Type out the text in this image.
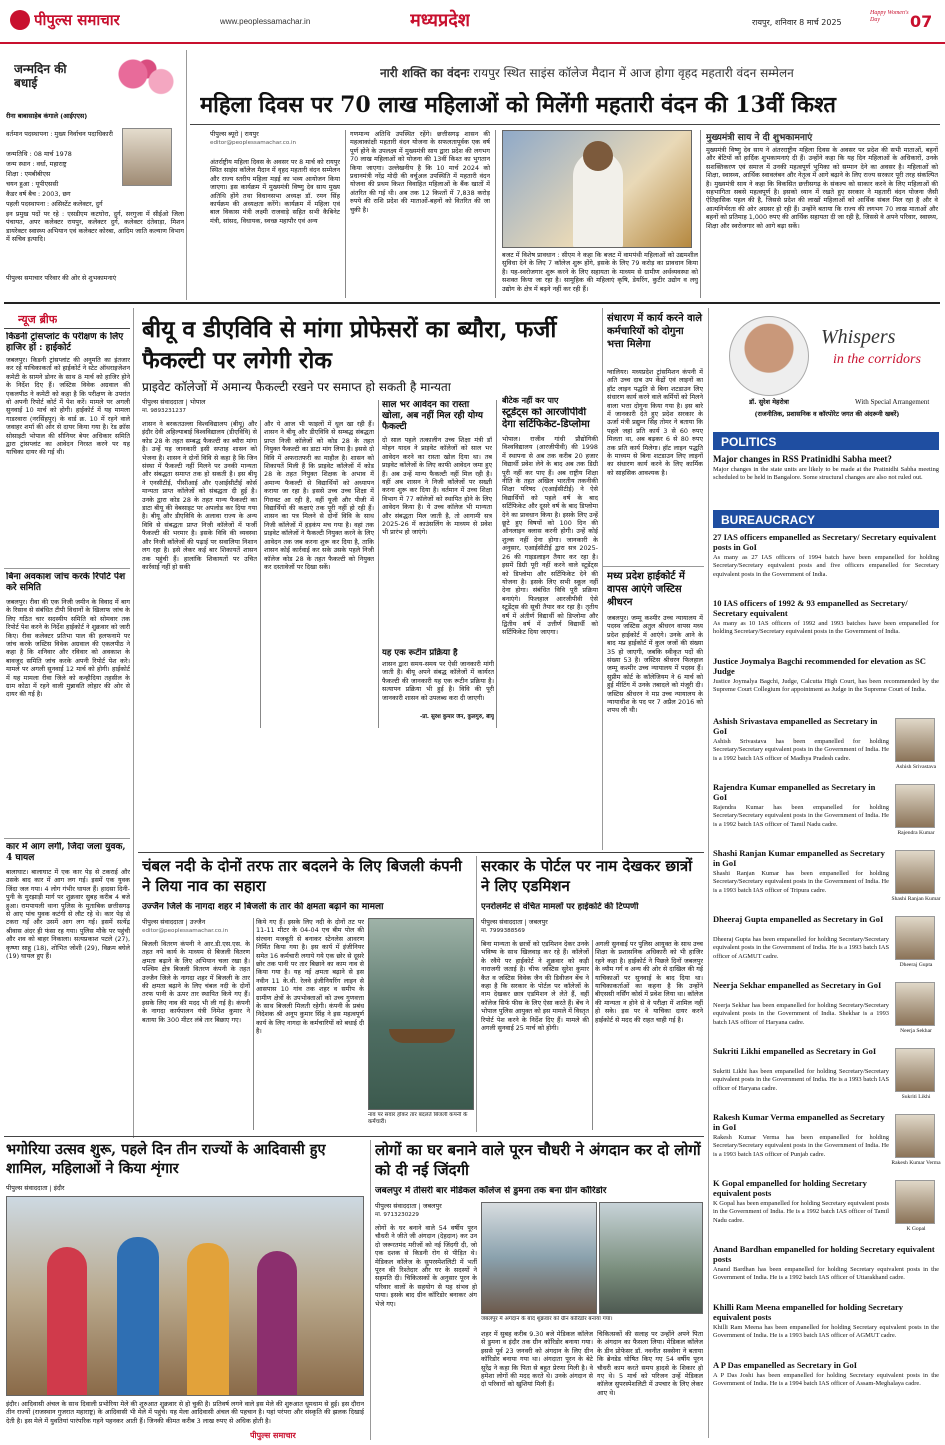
पीपुल्स समाचार	www.peoplessamachar.in	मध्यप्रदेश	रायपुर, शनिवार 8 मार्च 2025
Happy Women's Day	07
जन्मदिन की बधाई
रीना बाबासाहेब कंगाले (आईएएस)
वर्तमान पदस्थापना : मुख्य निर्वाचन पदाधिकारी
जन्मतिथि : 08 मार्च 1978
जन्म स्थान : वर्धा, महाराष्ट्र
शिक्षा : एमबीबीएस
चयन हुआ : यूपीएससी
कैडर वर्ष बैच : 2003, छग
पहली पदस्थापना : असिस्टेंट कलेक्टर, दुर्ग
इन प्रमुख पदों पर रहे : एसडीएम कटघोरा, दुर्ग, सरगुजा में सीईओ जिला पंचायत, अपर कलेक्टर रायपुर, कलेक्टर दुर्ग, कलेक्टर दंतेवाड़ा, मिशन डायरेक्टर स्वास्थ्य अभियान एवं कलेक्टर कोरबा, आदिम जाति कल्याण विभाग में सचिव इत्यादि।
पीपुल्स समाचार परिवार की ओर से शुभकामनाएं
नारी शक्ति का वंदनः रायपुर स्थित साइंस कॉलेज मैदान में आज होगा वृहद महतारी वंदन सम्मेलन
महिला दिवस पर 70 लाख महिलाओं को मिलेंगी महतारी वंदन की 13वीं किश्त
पीपुल्स ब्यूरो | रायपुर
editor@peoplessamachar.co.in
अंतर्राष्ट्रीय महिला दिवस के अवसर पर 8 मार्च को रायपुर स्थित साइंस कॉलेज मैदान में वृहद महतारी वंदन सम्मेलन और राज्य स्तरीय महिला मड़ई का भव्य आयोजन किया जाएगा। इस कार्यक्रम में मुख्यमंत्री विष्णु देव साय मुख्य अतिथि होंगे तथा विधानसभा अध्यक्ष डॉ. रमन सिंह कार्यक्रम की अध्यक्षता करेंगे। कार्यक्रम में महिला एवं बाल विकास मंत्री लक्ष्मी राजवाड़े सहित सभी कैबिनेट मंत्री, सांसद, विधायक, स्वच्छ महापौर एवं अन्य
गणमान्य अतिथि उपस्थित रहेंगे। छत्तीसगढ़ शासन की महत्वाकांक्षी महतारी वंदन योजना के सफलतापूर्वक एक वर्ष पूर्ण होने के उपलक्ष्य में मुख्यमंत्री साय द्वारा प्रदेश की लगभग 70 लाख महिलाओं को योजना की 13वीं किश्त का भुगतान किया जाएगा। उल्लेखनीय है कि 10 मार्च 2024 को प्रधानमंत्री नरेंद्र मोदी की वर्चुअल उपस्थिति में महतारी वंदन योजना की प्रथम किश्त विवाहित महिलाओं के बैंक खातों में अंतरित की गई थी। अब तक 12 किश्तों में 7,838 करोड़ रुपये की राशि प्रदेश की माताओं-बहनों को वितरित की जा चुकी है।
बजट में विशेष प्रावधान : सीएम ने कहा कि बजट में वामपंथी महिलाओं को उद्यमशील सुविधा देने के लिए 7 कॉलेज शुरू होंगे, इसके के लिए 79 करोड़ का प्रावधान किया है। यह-स्वरोजगार शुरू करने के लिए सहायता के माध्यम से ग्रामीण अर्थव्यवस्था को सशक्त किया जा रहा है। सामूहिक की महिलाएं कृषि, डेयरिंग, कुटीर उद्योग व लघु उद्योग के क्षेत्र में बढ़ने नहीं कर रही हैं।
मुख्यमंत्री साय ने दी शुभकामनाएं
मुख्यमंत्री विष्णु देव साय ने अंतरराष्ट्रीय महिला दिवस के अवसर पर प्रदेश की सभी माताओं, बहनों और बेटियों को हार्दिक शुभकामनाएं दी हैं। उन्होंने कहा कि यह दिन महिलाओं के अधिकारों, उनके सशक्तिकरण एवं समाज में उनकी महत्वपूर्ण भूमिका को सम्मान देने का अवसर है। महिलाओं को शिक्षा, स्वास्थ्य, आर्थिक स्वावलंबन और नेतृत्व में आगे बढ़ाने के लिए राज्य सरकार पूरी तरह संकल्पित है। मुख्यमंत्री साय ने कहा कि विकसित छत्तीसगढ़ के संकल्प को साकार करने के लिए महिलाओं की सहभागिता सबसे महत्वपूर्ण है। इसको ध्यान में रखते हुए सरकार ने महतारी वंदन योजना जैसी ऐतिहासिक पहल की है, जिससे प्रदेश की लाखों महिलाओं को आर्थिक संबल मिल रहा है और वे आत्मनिर्भरता की ओर अग्रसर हो रही हैं। उन्होंने बताया कि राज्य की लगभग 70 लाख माताओं और बहनों को प्रतिमाह 1,000 रुपए की आर्थिक सहायता दी जा रही है, जिससे वे अपने परिवार, स्वास्थ्य, शिक्षा और स्वरोजगार को आगे बढ़ा सकें।
न्यूज ब्रीफ
किडनी ट्रांसप्लांट के परीक्षण के लिए हाजिर हों : हाईकोर्ट
जबलपुर। किडनी ट्रांसप्लांट की अनुमति का इंतजार कर रहे याचिकाकर्ता को हाईकोर्ट ने स्टेट ऑथराइजेशन कमेटी के सामने डोनर के साथ 8 मार्च को हाजिर होने के निर्देश दिए हैं। जस्टिस विवेक अग्रवाल की एकलपीठ ने कमेटी को कहा है कि परीक्षण के उपरांत वो अपनी रिपोर्ट कोर्ट में पेश करें। मामले पर अगली सुनवाई 10 मार्च को होगी। हाईकोर्ट में यह मामला गाडरवारा (नरसिंहपुर) के वार्ड क्र. 10 में रहने वाले जवाहर शर्मा की ओर से दायर किया गया है। रेड क्रॉस सोसाइटी भोपाल की सीनियर बेयर अधिकार समिति द्वारा ट्रांसप्लांट का आवेदन निरस्त करने पर यह याचिका दायर की गई थी।
बिना अवकाश जांच करके रिपोर्ट पेश करे समिति
जबलपुर। रीवा की एक निजी जमीन के विवाद में बाग के रिसाव से संबंधित टीपी विधानों के खिलाफ जांच के लिए गठित चार सदस्यीय समिति को सोमवार तक रिपोर्ट पेश करने के निर्देश हाईकोर्ट ने शुक्रवार को जारी किए। रीवा कलेक्टर प्रतिभा पाल की हलफनामे पर जांच करके जस्टिस विवेक अग्रवाल की एकलपीठ ने कहा है कि शनिवार और रविवार को अवकाश के बावजूद समिति जांच करके अपनी रिपोर्ट पेश करे। मामले पर अगली सुनवाई 12 मार्च को होगी। हाईकोर्ट में यह मामला रीवा जिले को कन्हौदिया तहसील के ग्राम कोठा में रहने वाली मुन्नावति लोहार की ओर से दायर की गई है।
कार में आग लगी, जिंदा जला युवक, 4 घायल
बालाघाट। बालाघाट में एक कार पेड़ से टकराई और उसके बाद कार में आग लग गई। इसमें एक युवक जिंदा जल गया। 4 लोग गंभीर घायल हैं। हादसा दिनी-पुनी के मुरझाड़ी मार्ग पर शुक्रवार सुबह करीब 4 बजे हुआ। रामपायली थाना पुलिस के मुताबिक छत्तीसगढ़ से आए पांच युवक कटंगी से लौट रहे थे। कार पेड़ से टकरा गई और उसमें आग लग गई। इसमें सत्येंद्र श्रीवास अंदर ही फंसा रह गया। पुलिस मौके पर पहुंची और शव को बाहर निकाला। सत्यप्रकाश पटले (27), कृष्णा साहू (18), शोभित जोशी (29), विक्रम बघेले (19) घायल हुए हैं।
बीयू व डीएविवि से मांगा प्रोफेसरों का ब्यौरा, फर्जी फैकल्टी पर लगेगी रोक
प्राइवेट कॉलेजों में अमान्य फैकल्टी रखने पर समाप्त हो सकती है मान्यता
पीपुल्स संवाददाता | भोपाल
मो. 9893231237
शासन ने बरकतउल्ला विश्वविद्यालय (बीयू) और इंदौर देवी अहिल्याबाई विश्वविद्यालय (डीएविवि) से कोड 28 के तहत सम्बद्ध फैकल्टी का ब्यौरा मांगा है। उन्हें यह जानकारी इसी सप्ताह शासन को भेजना है। शासन ने दोनों विवि से कहा है कि जिन संस्था में फैकल्टी नहीं मिलने पर उनकी मान्यता और संबद्धता समाप्त तक हो सकती है। इस बीयू ने एनसीटीई, पीसीआई और एआईसीटीई कोर्स मान्यता प्राप्त कॉलेजों को संबद्धता दी हुई है। उनके द्वारा कोड 28 के तहत मान्य फैकल्टी का डाटा बीयू की वेबसाइट पर अपलोड कर दिया गया है। बीयू और डीएविवि के अलावा राज्य के अन्य विवि से संबद्धता प्राप्त निजी कॉलेजों में फर्जी फैकल्टी की भरमार है। इसके विवि की व्यवस्था और निजी कॉलेजों की पढ़ाई पर सवालिया निशान लग रहा है। इसे लेकर कई बार शिकायतें शासन तक पहुंची हैं। हालांकि शिकायतों पर उचित कार्रवाई नहीं हो सकी
और ये आज भी फाइलों में धूल खा रही हैं। शासन ने बीयू और डीएविवि से सम्बद्ध संबद्धता प्राप्त निजी कॉलेजों को कोड 28 के तहत नियुक्त फैकल्टी का डाटा मांग लिया है। इससे दो विवि में अफरातफरी का माहौल है। शासन को शिकायतें मिली हैं कि प्राइवेट कॉलेजों में कोड 28 के तहत नियुक्त शिक्षक के अभाव में अमान्य फैकल्टी से विद्यार्थियों को अध्यापन कराया जा रहा है। इससे उच्च उच्च शिक्षा में गिरावट आ रही है, वहीं यूजी और पीजी में विद्यार्थियों की कक्षाएं तक पूरी नहीं हो रही हैं। शासन का पत्र मिलने से दोनों विवि के साथ निजी कॉलेजों में हड़कंप मच गया है। वहां तक प्राइवेट कॉलेजों ने फैकल्टी नियुक्त करने के लिए आवेदन तक जब करना शुरू कर दिया है, ताकि शासन कोई कार्रवाई कर सके उसके पहले निजी कॉलेज कोड 28 के तहत फैकल्टी को नियुक्त कर दस्तावेजों पर दिखा सकें।
साल भर आवेदन का रास्ता खोला, अब नहीं मिल रही योग्य फैकल्टी
दो साल पहले तत्कालीन उच्च शिक्षा मंत्री डॉ मोहन यादव ने प्राइवेट कॉलेजों को साल भर आवेदन करने का रास्ता खोल दिया था। तब प्राइवेट कॉलेजों के लिए काफी आवेदन जमा हुए हैं। अब उन्हें मान्य फैकल्टी नहीं मिल रही है। वहीं अब शासन ने निजी कॉलेजों पर सख्ती करना शुरू कर दिया है। वर्तमान में उच्च शिक्षा विभाग में 77 कॉलेजों को स्थापित होने के लिए आवेदन किया है। ये उच्च कॉलेज भी मान्यता और संबद्धता मिल जाती है, तो आगामी सत्र 2025-26 में काउंसलिंग के माध्यम से प्रवेश भी प्रारंभ हो जाएंगे।
यह एक रूटीन प्रक्रिया है
शासन द्वारा समय-समय पर ऐसी जानकारी मांगी जाती है। बीयू अपने संबद्ध कॉलेजों में कार्यरत फैकल्टी की जानकारी यह एक रूटीन प्रक्रिया है। सत्यापन प्रक्रिया भी हुई है। विवि की पूरी जानकारी शासन को उपलब्ध करा दी जाएगी।
-प्रो. सुरेश कुमार जैन, कुलगुरु, बीयू
बीटेक नहीं कर पाए
स्टूडेंट्स को आरजीपीवी देगा सर्टिफिकेट-डिप्लोमा
भोपाल। राजीव गांधी प्रौद्योगिकी विश्वविद्यालय (आरजीपीवी) की 1998 में स्थापना से अब तक करीब 20 हजार विद्यार्थी प्रवेश लेने के बाद अब तक डिग्री पूरी नहीं कर पाए हैं। अब राष्ट्रीय शिक्षा नीति के तहत अखिल भारतीय तकनीकी शिक्षा परिषद (एआईसीटीई) ने ऐसे विद्यार्थियों को पहले वर्ष के बाद सर्टिफिकेट और दूसरे वर्ष के बाद डिप्लोमा देने का प्रावधान किया है। इसके लिए उन्हें छूटे हुए विषयों को 100 दिन की ऑनलाइन क्लास करनी होगी। उन्हें कोई शुल्क नहीं देना होगा। जानकारी के अनुसार, एआईसीटीई द्वारा सत्र 2025-26 की गाइडलाइन तैयार कर रहा है। इसमें डिग्री पूरी नहीं करने वाले स्टूडेंट्स को डिप्लोमा और सर्टिफिकेट देने की योजना है। इसके लिए सभी स्कूल नहीं देना होगा। संबंधित विवि पूरी प्रक्रिया बनाएंगे। फिलहाल आरजीपीवी ऐसे स्टूडेंट्स की सूची तैयार कर रहा है। तृतीय वर्ष में अंतीर्ण विद्यार्थी को डिप्लोमा और द्वितीय वर्ष में उत्तीर्ण विद्यार्थी को सर्टिफिकेट दिया जाएगा।
संधारण में कार्य करने वाले कर्मचारियों को दोगुना भत्ता मिलेगा
ग्वालियर। मध्यप्रदेश ट्रांसमिशन कंपनी में अति उच्च दाब उप केंद्रों एवं लाइनों का हॉट लाइन पद्धति से बिना शटडाउन लिए संधारण कार्य करने वाले कर्मियों को मिलने वाला भत्ता दोगुना किया गया है। इस बारे में जानकारी देते हुए प्रदेश सरकार के ऊर्जा मंत्री प्रद्युम्न सिंह तोमर ने बताया कि पहले जहां प्रति कार्य 3 से 60 रुपए मिलता था, अब बढ़कर 6 से 80 रुपए तक प्रति कार्य मिलेगा। हॉट लाइन पद्धति के माध्यम से बिना शटडाउन लिए लाइनों का संधारण कार्य करने के लिए कार्मिक को साहसिक आवश्यक है।
मध्य प्रदेश हाईकोर्ट में वापस आएंगे जस्टिस श्रीधरन
जबलपुर। जम्मू कश्मीर उच्च न्यायालय में पदस्थ जस्टिस अतुल श्रीधरन वापस मध्य प्रदेश हाईकोर्ट में आएंगे। उनके आने के बाद मप्र हाईकोर्ट में कुल जजों की संख्या 35 हो जाएगी, जबकि स्वीकृत पदों की संख्या 53 है। जस्टिस श्रीधरन फिलहाल जम्मू कश्मीर उच्च न्यायालय में पदस्थ हैं। सुप्रीम कोर्ट के कॉलेजियम ने 6 मार्च को हुई मीटिंग में उनके तबादले को मंजूरी दी। जस्टिस श्रीधरन ने मप्र उच्च न्यायालय के न्यायाधीश के पद पर 7 अप्रैल 2016 को शपथ ली थी।
चंबल नदी के दोनों तरफ तार बदलने के लिए बिजली कंपनी ने लिया नाव का सहारा
उज्जैन जिले के नागदा शहर में बिजली के तार की क्षमता बढ़ाने का मामला
पीपुल्स संवाददाता | उज्जैन
editor@peoplessamachar.co.in
बिजली वितरण कंपनी ने आर.डी.एस.एस. के तहत नये कार्य के माध्यम से बिजली वितरण क्षमता बढ़ाने के लिए अभियान चला रखा है। पश्चिम क्षेत्र बिजली वितरण कंपनी के तहत उज्जैन जिले के नागदा शहर में बिजली के तार की क्षमता बढ़ाने के लिए चंबल नदी के दोनों तरफ पानी के ऊपर तार स्थापित किये गए हैं। इसके लिए नाव की मदद भी ली गई है। कंपनी के नागदा कार्यपालन यंत्री निमेश कुमार ने बताया कि 300 मीटर लंबे तार बिछाए गए।
किये गए हैं। इसके लिए नदी के दोनों तट पर 11-11 मीटर के 04-04 एच बीम पोल की संरचना मजबूती से बनाकर स्टेनलेस आवरण निर्मित किया गया है। इस कार्य में इंजीनियर समेत 16 कर्मचारी लगाये गये एक छोर से दूसरे छोर तक पानी पर तार बिछाने का काम नाव से किया गया है। यह नई क्षमता बढ़ाने से इस नवीन 11 के.वी. रेलवे इंजीनियरिंग लाइन से आसपास 10 गांव तक शहर व समीप के ग्रामीण क्षेत्रों के उपभोक्ताओं को उच्च गुणवत्ता के साथ बिजली मिलती रहेगी। कंपनी के प्रबंध निदेशक श्री अनूप कुमार सिंह ने इस महत्वपूर्ण कार्य के लिए नागदा के कर्मचारियों को बधाई दी है।
नाव पर सवार होकर तार बदलते बिजली कंपनी के कर्मचारी।
सरकार के पोर्टल पर नाम देखकर छात्रों ने लिए एडमिशन
एनरोलमेंट से वंचित मामलों पर हाईकोर्ट की टिप्पणी
पीपुल्स संवाददाता | जबलपुर
मो. 7999388569
बिना मान्यता के छात्रों को एडमिशन देकर उनके भविष्य के साथ खिलवाड़ कर रहे हैं। कॉलेजों के रवैये पर हाईकोर्ट ने शुक्रवार को कड़ी नाराजगी जताई है। चीफ जस्टिस सुरेश कुमार कैत व जस्टिस विवेक जैन की डिवीजन बेंच ने कहा है कि सरकार के पोर्टल पर कॉलेजों के नाम देखकर छात्र एडमिशन ले लेते हैं, वहीं कॉलेज सिर्फ फीस के लिए ऐसा करते हैं। बेंच ने भोपाल पुलिस आयुक्त को इस मामले में विस्तृत रिपोर्ट पेश करने के निर्देश दिए हैं। मामले की अगली सुनवाई 25 मार्च को होगी।
अगली सुनवाई पर पुलिस आयुक्त के साथ उच्च शिक्षा के प्रशासनिक अधिकारी को भी हाजिर रहने कहा है। हाईकोर्ट ने पिछले दिनों जबलपुर के व्यौम गर्ग व अन्य की ओर से दाखिल की गई याचिकाओं पर सुनवाई के बाद दिया था। याचिकाकर्ताओं का कहना है कि उन्होंने बीएससी नर्सिंग कोर्स में प्रवेश लिया था। कॉलेज की मान्यता न होने से वे परीक्षा में शामिल नहीं हो सके। इस पर वे याचिका दायर करने हाईकोर्ट से मदद की राहत चाही गई है।
भगोरिया उत्सव शुरू, पहले दिन तीन राज्यों के आदिवासी हुए शामिल, महिलाओं ने किया शृंगार
पीपुल्स संवाददाता | इंदौर
इंदौर। आदिवासी अंचल के साथ दिवाली प्रभोरिया मेले की शुरुआत शुक्रवार से हो चुकी है। प्रतिवर्ष लगने वाले इस मेले की शुरुआत धूमधाम से हुई। इस दौरान तीन राज्यों (राजस्थान गुजरात महाराष्ट्र) के आदिवासी भी मेले में पहुंचे। यह मेला आदिवासी अंचल की पहचान है। यहां परंपरा और संस्कृति की झलक दिखाई देती है। इस मेले में युवतियां पारंपरिक गहने पहनकर आती हैं। जिनकी कीमत करीब 3 लाख रुपए से अधिक होती है।
लोगों का घर बनाने वाले पूरन चौधरी ने अंगदान कर दो लोगों को दी नई जिंदगी
जबलपुर में तीसरी बार मेडिकल कॉलेज से डुमना तक बना ग्रीन कॉरिडोर
पीपुल्स संवाददाता | जबलपुर
मो. 9713230229
लोगों के घर बनाने वाले 54 वर्षीय पूरन चौधरी ने जीते जी अंगदान (देहदान) कर उन दो जरूरतमंद मरीजों को नई जिंदगी दी, जो एक दशक से किडनी रोग से पीड़ित थे। मेडिकल कॉलेज के सुपरस्पेशलिटी में भर्ती पूरन की रिश्तेदार और घर के सदस्यों ने सहमति दी। चिकित्सकों के अनुसार पूरन के परिवार वालों के सहयोग से यह संभव हो पाया। इसके बाद ग्रीन कॉरिडोर बनाकर अंग भेजे गए।
जबलपुर में अंगदान के बाद शुक्रवार को ग्रीन कॉरिडोर बनाया गया।
शहर में सुबह करीब 9.30 बजे मेडिकल कॉलेज से डुमना व इंदौर तक ग्रीन कॉरिडोर बनाया गया। इससे पूर्व 23 जनवरी को अंगदान के लिए ग्रीन कॉरिडोर बनाया गया था। अंगदाता पूरन के बेटे सुरेंद्र ने कहा कि पिता से बहुत प्रेरणा मिली है। वे हमेशा लोगों की मदद करते थे। उनके अंगदान से दो परिवारों को खुशियां मिली हैं।
चिकित्सकों की सलाह पर उन्होंने अपने पिता के अंगदान का फैसला लिया। मेडिकल कॉलेज के डीन प्रोफेसर डॉ. नवनीत सक्सेना ने बताया कि ब्रेनडेड घोषित किए गए 54 वर्षीय पूरन चौधरी काम करते समय हादसे के शिकार हो गए थे। 5 मार्च को परिजन उन्हें मेडिकल कॉलेज सुपरस्पेशलिटी में उपचार के लिए लेकर आए थे।
Whispers
in the corridors
डॉ. सुरेश मेहरोत्रा	With Special Arrangement
(राजनीतिक, प्रशासनिक व कॉरपोरेट जगत की अंदरूनी खबरें)
POLITICS
Major changes in RSS Pratinidhi Sabha meet?
Major changes in the state units are likely to be made at the Pratinidhi Sabha meeting scheduled to be held in Bangalore. Some structural changes are also not ruled out.
BUREAUCRACY
27 IAS officers empanelled as Secretary/ Secretary equivalent posts in GoI
As many as 27 IAS officers of 1994 batch have been empanelled for holding Secretary/Secretary equivalent posts and five officers empanelled for Secretary equivalent posts in the Government of India.
10 IAS officers of 1992 & 93 empanelled as Secretary/ Secretary equivalent
As many as 10 IAS officers of 1992 and 1993 batches have been empanelled for holding Secretary/Secretary equivalent posts in the Government of India.
Justice Joymalya Bagchi recommended for elevation as SC Judge
Justice Joymalya Bagchi, Judge, Calcutta High Court, has been recommended by the Supreme Court Collegium for appointment as Judge in the Supreme Court of India.
Ashish Srivastava empanelled as Secretary in GoI
Ashish Srivastava has been empanelled for holding Secretary/Secretary equivalent posts in the Government of India. He is a 1992 batch IAS officer of Madhya Pradesh cadre.
Ashish Srivastava
Rajendra Kumar empanelled as Secretary in GoI
Rajendra Kumar has been empanelled for holding Secretary/Secretary equivalent posts in the Government of India. He is a 1992 batch IAS officer of Tamil Nadu cadre.
Rajendra Kumar
Shashi Ranjan Kumar empanelled as Secretary in GoI
Shashi Ranjan Kumar has been empanelled for holding Secretary/Secretary equivalent posts in the Government of India. He is a 1993 batch IAS officer of Tripura cadre.
Shashi Ranjan Kumar
Dheeraj Gupta empanelled as Secretary in GoI
Dheeraj Gupta has been empanelled for holding Secretary/Secretary equivalent posts in the Government of India. He is a 1993 batch IAS officer of AGMUT cadre.
Dheeraj Gupta
Neerja Sekhar empanelled as Secretary in GoI
Neerja Sekhar has been empanelled for holding Secretary/Secretary equivalent posts in the Government of India. Shekhar is a 1993 batch IAS officer of Haryana cadre.
Neerja Sekhar
Sukriti Likhi empanelled as Secretary in GoI
Sukriti Likhi has been empanelled for holding Secretary/Secretary equivalent posts in the Government of India. He is a 1993 batch IAS officer of Haryana cadre.
Sukriti Likhi
Rakesh Kumar Verma empanelled as Secretary in GoI
Rakesh Kumar Verma has been empanelled for holding Secretary/Secretary equivalent posts in the Government of India. He is a 1993 batch IAS officer of Punjab cadre.
Rakesh Kumar Verma
K Gopal empanelled for holding Secretary equivalent posts
K Gopal has been empanelled for holding Secretary equivalent posts in the Government of India. He is a 1992 batch IAS officer of Tamil Nadu cadre.
K Gopal
Anand Bardhan empanelled for holding Secretary equivalent posts
Anand Bardhan has been empanelled for holding Secretary equivalent posts in the Government of India. He is a 1992 batch IAS officer of Uttarakhand cadre.
Khilli Ram Meena empanelled for holding Secretary equivalent posts
Khilli Ram Meena has been empanelled for holding Secretary equivalent posts in the Government of India. He is a 1993 batch IAS officer of AGMUT cadre.
A P Das empanelled as Secretary in GoI
A P Das Joshi has been empanelled for holding Secretary equivalent posts in the Government of India. He is a 1994 batch IAS officer of Assam-Meghalaya cadre.
पीपुल्स समाचार
